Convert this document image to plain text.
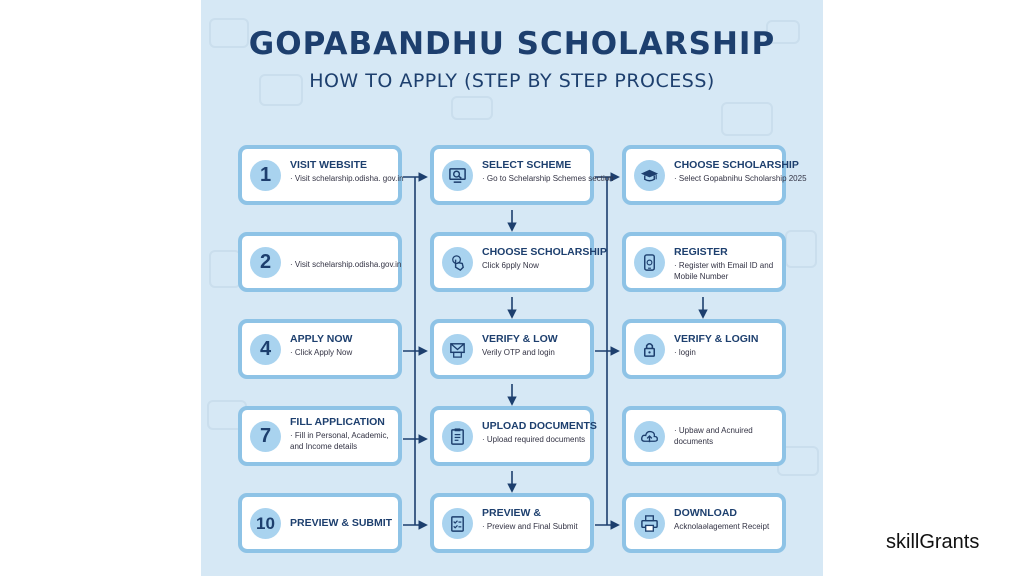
GOPABANDHU SCHOLARSHIP
HOW TO APPLY (STEP BY STEP PROCESS)
1 VISIT WEBSITE
· Visit schelarship.odisha. gov.in
2 · Visit schelarship.odisha.gov.in
4 APPLY NOW
· Click Apply Now
7
FILL APPLICATION
· Fill in Personal, Academic, and Income details
10 PREVIEW & SUBMIT
SELECT SCHEME
· Go to Schelarship Schemes section
CHOOSE SCHOLARSHIP
Click 6pply Now
VERIFY & LOW
Verily OTP and login
UPLOAD DOCUMENTS
· Upload required documents
PREVIEW &
· Preview and Final Submit
CHOOSE SCHOLARSHIP
· Select Gopabnihu Scholarship 2025
REGISTER
· Register with Email ID and Mobile Number
VERIFY & LOGIN
· login
· Upbaw and Acnuired documents
DOWNLOAD
Acknolaəlagement Receipt
skillGrants
